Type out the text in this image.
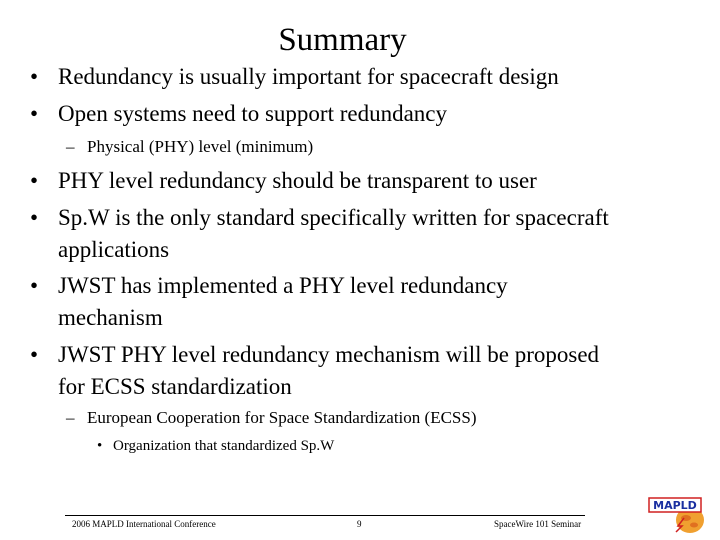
Summary
• Redundancy is usually important for spacecraft design
• Open systems need to support redundancy
– Physical (PHY) level (minimum)
• PHY level redundancy should be transparent to user
• Sp.W is the only standard specifically written for spacecraft
applications
• JWST has implemented a PHY level redundancy
mechanism
• JWST PHY level redundancy mechanism will be proposed
for ECSS standardization
– European Cooperation for Space Standardization (ECSS)
• Organization that standardized Sp.W
2006 MAPLD International Conference	9	SpaceWire 101 Seminar
MAPLD
